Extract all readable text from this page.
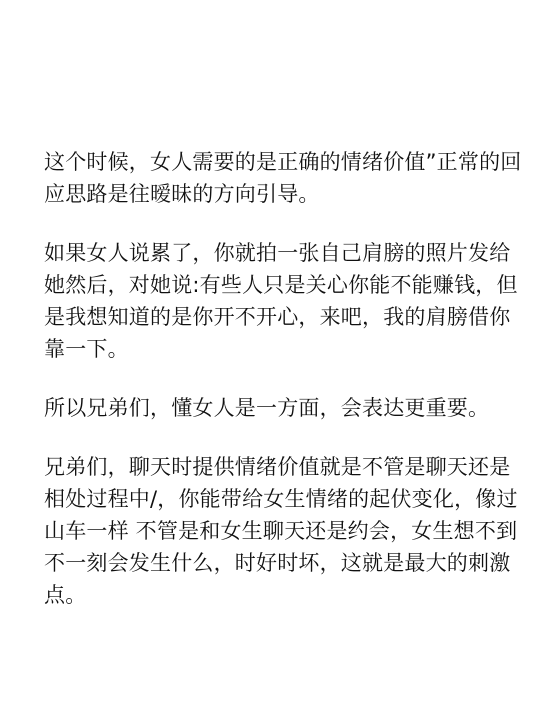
这个时候，女人需要的是正确的情绪价值”正常的回
应思路是往暧昧的方向引导。
如果女人说累了，你就拍一张自己肩膀的照片发给
她然后，对她说:有些人只是关心你能不能赚钱，但
是我想知道的是你开不开心，来吧，我的肩膀借你
靠一下。
所以兄弟们，懂女人是一方面，会表达更重要。
兄弟们，聊天时提供情绪价值就是不管是聊天还是
相处过程中/，你能带给女生情绪的起伏变化，像过
山车一样 不管是和女生聊天还是约会，女生想不到
不一刻会发生什么，时好时坏，这就是最大的刺激
点。
